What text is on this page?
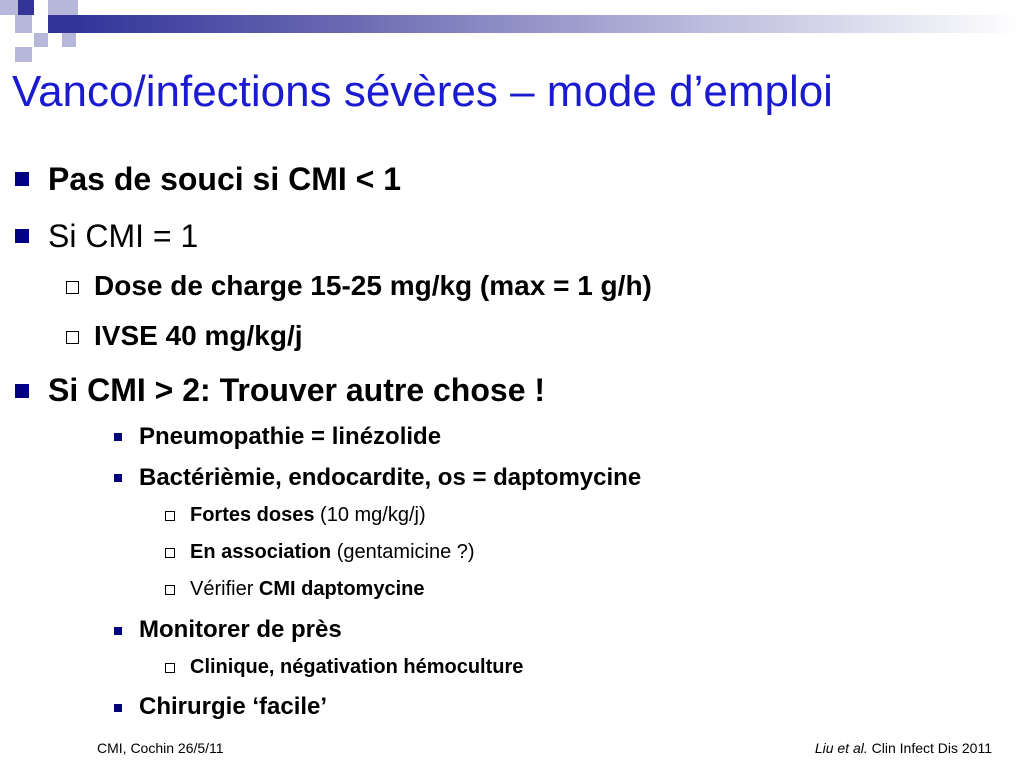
Vanco/infections sévères – mode d’emploi
Pas de souci si CMI < 1
Si CMI = 1
Dose de charge 15-25 mg/kg (max = 1 g/h)
IVSE 40 mg/kg/j
Si CMI > 2: Trouver autre chose !
Pneumopathie = linézolide
Bactérièmie, endocardite, os = daptomycine
Fortes doses (10 mg/kg/j)
En association (gentamicine ?)
Vérifier CMI daptomycine
Monitorer de près
Clinique, négativation hémoculture
Chirurgie ‘facile’
CMI, Cochin 26/5/11	Liu et al. Clin Infect Dis 2011
